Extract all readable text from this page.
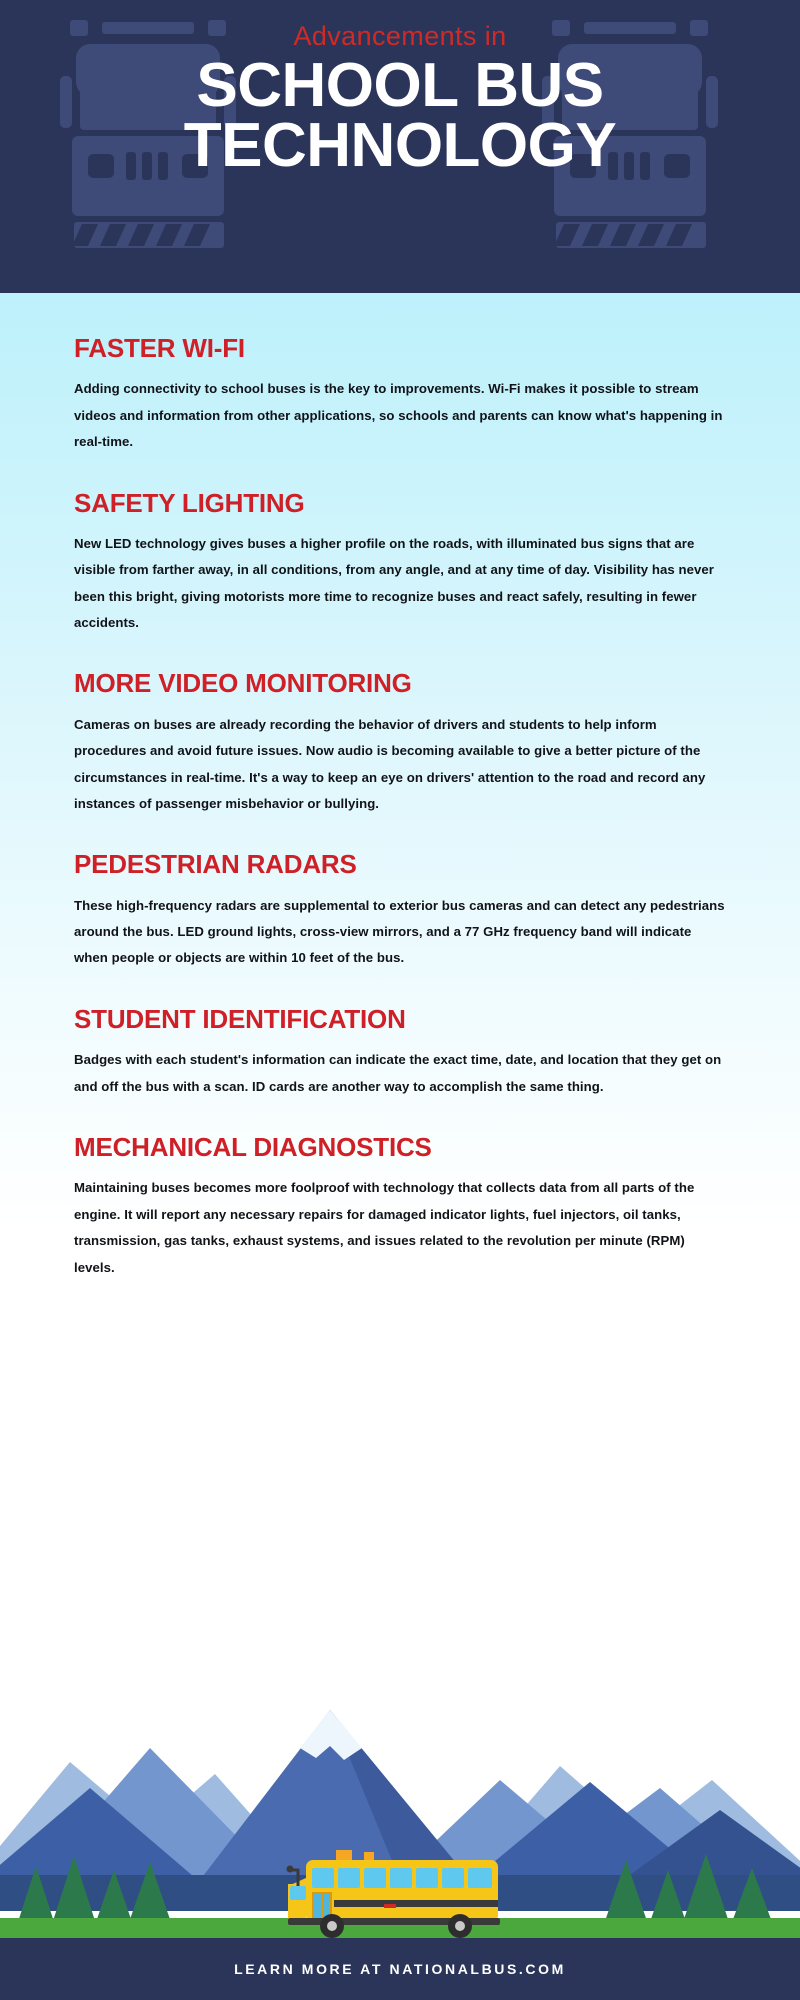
Advancements in
SCHOOL BUS
TECHNOLOGY
FASTER WI-FI
Adding connectivity to school buses is the key to improvements. Wi-Fi makes it possible to stream videos and information from other applications, so schools and parents can know what's happening in real-time.
SAFETY LIGHTING
New LED technology gives buses a higher profile on the roads, with illuminated bus signs that are visible from farther away, in all conditions, from any angle, and at any time of day. Visibility has never been this bright, giving motorists more time to recognize buses and react safely, resulting in fewer accidents.
MORE VIDEO MONITORING
Cameras on buses are already recording the behavior of drivers and students to help inform procedures and avoid future issues. Now audio is becoming available to give a better picture of the circumstances in real-time. It's a way to keep an eye on drivers' attention to the road and record any instances of passenger misbehavior or bullying.
PEDESTRIAN RADARS
These high-frequency radars are supplemental to exterior bus cameras and can detect any pedestrians around the bus. LED ground lights, cross-view mirrors, and a 77 GHz frequency band will indicate when people or objects are within 10 feet of the bus.
STUDENT IDENTIFICATION
Badges with each student's information can indicate the exact time, date, and location that they get on and off the bus with a scan. ID cards are another way to accomplish the same thing.
MECHANICAL DIAGNOSTICS
Maintaining buses becomes more foolproof with technology that collects data from all parts of the engine. It will report any necessary repairs for damaged indicator lights, fuel injectors, oil tanks, transmission, gas tanks, exhaust systems, and issues related to the revolution per minute (RPM) levels.
LEARN MORE AT NATIONALBUS.COM
